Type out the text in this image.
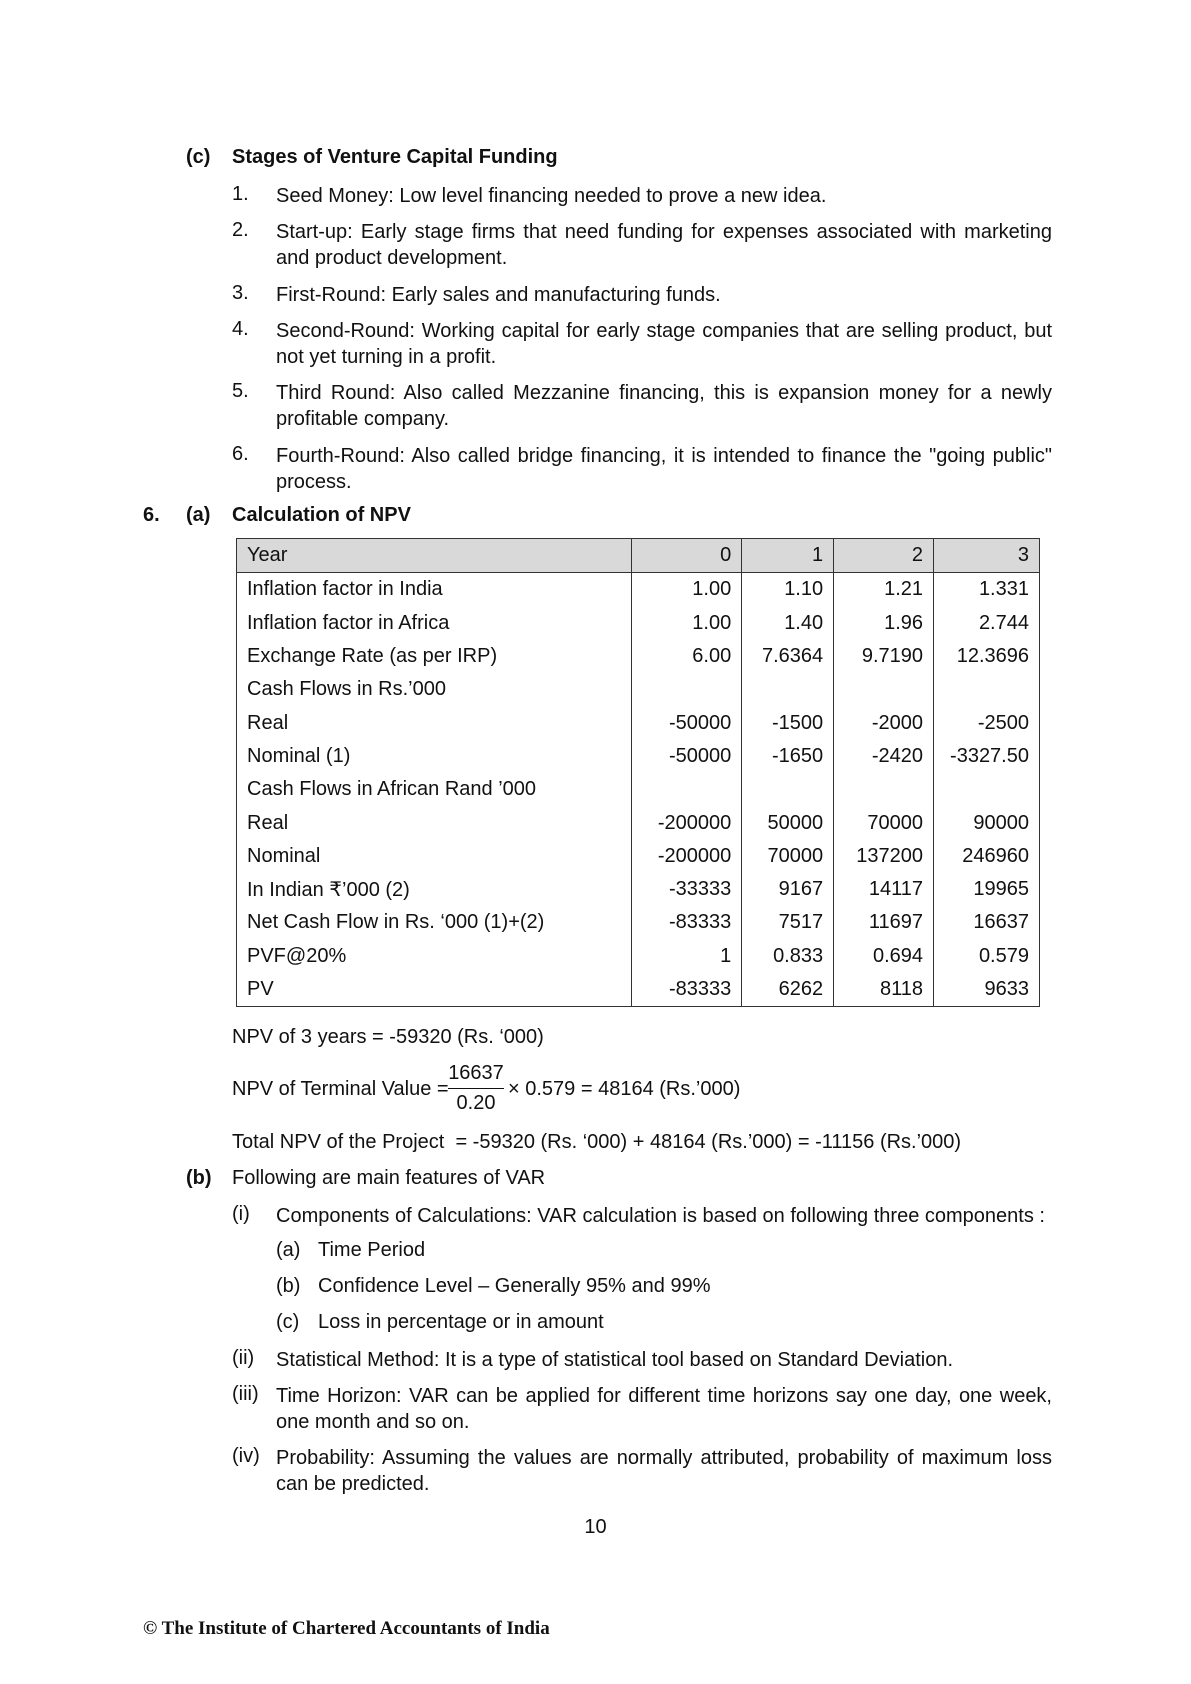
(c) Stages of Venture Capital Funding
1.	Seed Money: Low level financing needed to prove a new idea.
2.	Start-up: Early stage firms that need funding for expenses associated with marketing and product development.
3.	First-Round: Early sales and manufacturing funds.
4.	Second-Round: Working capital for early stage companies that are selling product, but not yet turning in a profit.
5.	Third Round: Also called Mezzanine financing, this is expansion money for a newly profitable company.
6.	Fourth-Round: Also called bridge financing, it is intended to finance the "going public" process.
6. (a) Calculation of NPV
Year	0	1	2	3
Inflation factor in India	1.00	1.10	1.21	1.331
Inflation factor in Africa	1.00	1.40	1.96	2.744
Exchange Rate (as per IRP)	6.00	7.6364	9.7190	12.3696
Cash Flows in Rs.’000				
Real	-50000	-1500	-2000	-2500
Nominal (1)	-50000	-1650	-2420	-3327.50
Cash Flows in African Rand ’000				
Real	-200000	50000	70000	90000
Nominal	-200000	70000	137200	246960
In Indian ₹’000 (2)	-33333	9167	14117	19965
Net Cash Flow in Rs. ‘000 (1)+(2)	-83333	7517	11697	16637
PVF@20%	1	0.833	0.694	0.579
PV	-83333	6262	8118	9633
NPV of 3 years = -59320 (Rs. ‘000)
NPV of Terminal Value = $\frac{16637}{0.20} \times 0.579 = 48164$ (Rs.’000)
Total NPV of the Project  = -59320 (Rs. ‘000) + 48164 (Rs.’000) = -11156 (Rs.’000)
(b) Following are main features of VAR
(i)	Components of Calculations: VAR calculation is based on following three components :
(a) Time Period
(b) Confidence Level – Generally 95% and 99%
(c) Loss in percentage or in amount
(ii)	Statistical Method: It is a type of statistical tool based on Standard Deviation.
(iii) Time Horizon: VAR can be applied for different time horizons say one day, one week, one month and so on.
(iv) Probability: Assuming the values are normally attributed, probability of maximum loss can be predicted.
10
© The Institute of Chartered Accountants of India
